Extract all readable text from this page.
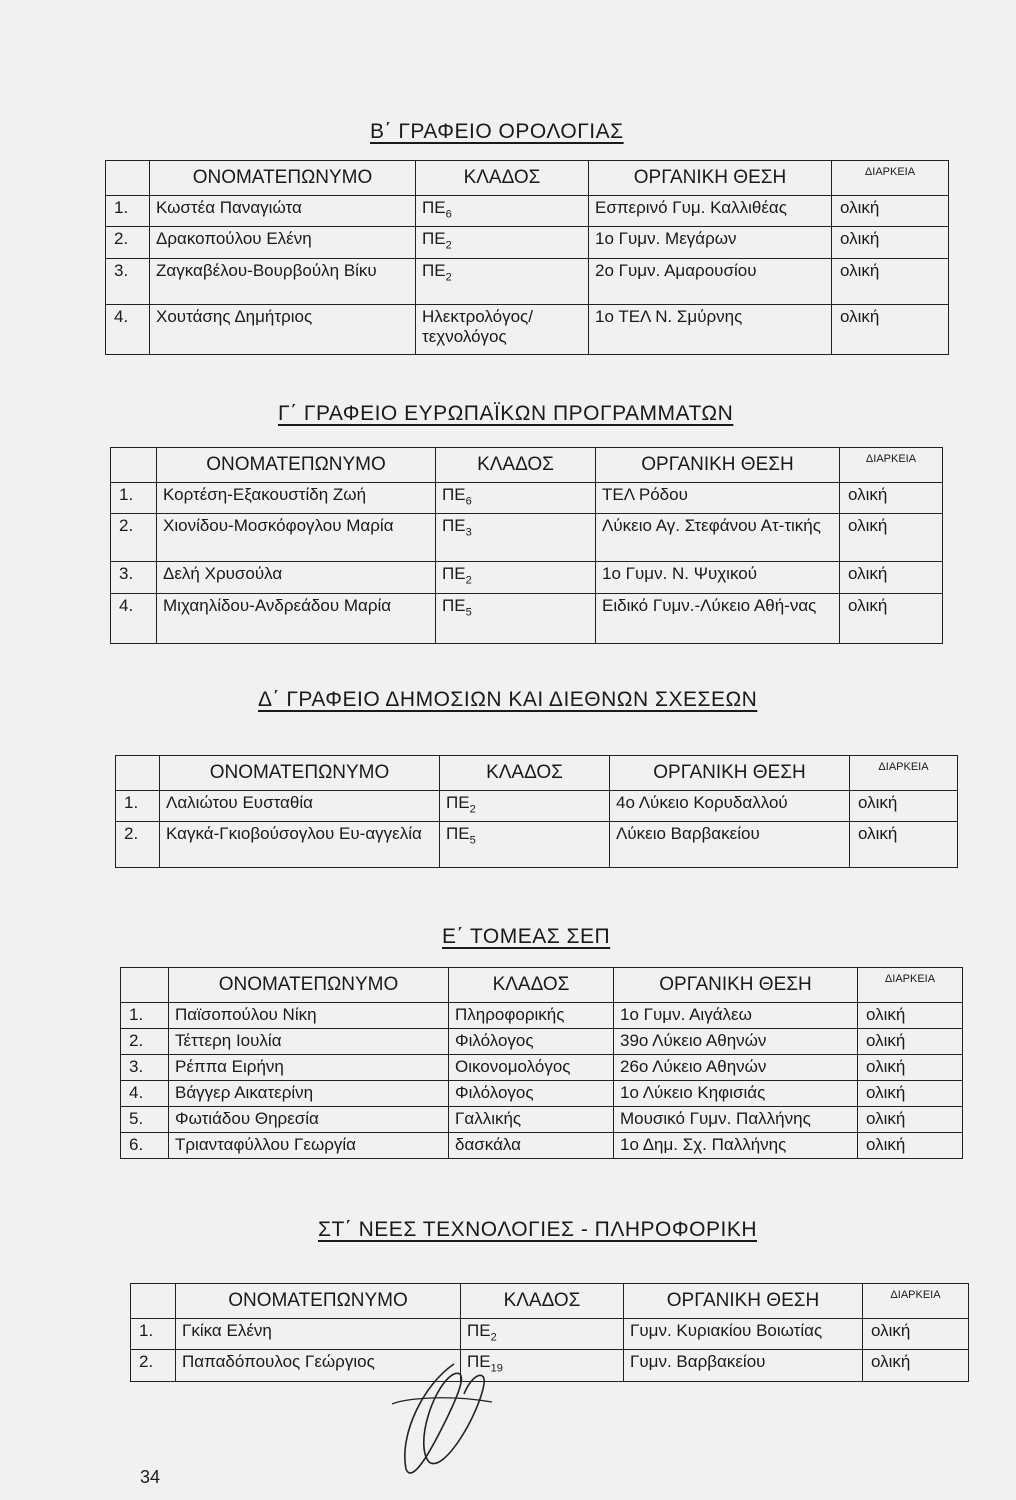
Β΄ ΓΡΑΦΕΙΟ ΟΡΟΛΟΓΙΑΣ
	ΟΝΟΜΑΤΕΠΩΝΥΜΟ	ΚΛΑΔΟΣ	ΟΡΓΑΝΙΚΗ ΘΕΣΗ	ΔΙΑΡΚΕΙΑ
1.	Κωστέα Παναγιώτα	$\Pi E_6$	Εσπερινό Γυμ. Καλλιθέας	ολική
2.	Δρακοπούλου Ελένη	$\Pi E_2$	1ο Γυμν. Μεγάρων	ολική
3.	Ζαγκαβέλου-Βουρβούλη Βίκυ	$\Pi E_2$	2ο Γυμν. Αμαρουσίου	ολική
4.	Χουτάσης Δημήτριος	Ηλεκτρολόγος/ τεχνολόγος	1ο ΤΕΛ Ν. Σμύρνης	ολική
Γ΄ ΓΡΑΦΕΙΟ ΕΥΡΩΠΑΪΚΩΝ ΠΡΟΓΡΑΜΜΑΤΩΝ
	ΟΝΟΜΑΤΕΠΩΝΥΜΟ	ΚΛΑΔΟΣ	ΟΡΓΑΝΙΚΗ ΘΕΣΗ	ΔΙΑΡΚΕΙΑ
1.	Κορτέση-Εξακουστίδη Ζωή	$\Pi E_6$	ΤΕΛ Ρόδου	ολική
2.	Χιονίδου-Μοσκόφογλου Μαρία	$\Pi E_3$	Λύκειο Αγ. Στεφάνου Ατ-τικής	ολική
3.	Δελή Χρυσούλα	$\Pi E_2$	1ο Γυμν. Ν. Ψυχικού	ολική
4.	Μιχαηλίδου-Ανδρεάδου Μαρία	$\Pi E_5$	Ειδικό Γυμν.-Λύκειο Αθή-νας	ολική
Δ΄ ΓΡΑΦΕΙΟ ΔΗΜΟΣΙΩΝ ΚΑΙ ΔΙΕΘΝΩΝ ΣΧΕΣΕΩΝ
	ΟΝΟΜΑΤΕΠΩΝΥΜΟ	ΚΛΑΔΟΣ	ΟΡΓΑΝΙΚΗ ΘΕΣΗ	ΔΙΑΡΚΕΙΑ
1.	Λαλιώτου Ευσταθία	$\Pi E_2$	4ο Λύκειο Κορυδαλλού	ολική
2.	Καγκά-Γκιοβούσογλου Ευ-αγγελία	$\Pi E_5$	Λύκειο Βαρβακείου	ολική
Ε΄ ΤΟΜΕΑΣ ΣΕΠ
	ΟΝΟΜΑΤΕΠΩΝΥΜΟ	ΚΛΑΔΟΣ	ΟΡΓΑΝΙΚΗ ΘΕΣΗ	ΔΙΑΡΚΕΙΑ
1.	Παϊσοπούλου Νίκη	Πληροφορικής	1ο Γυμν. Αιγάλεω	ολική
2.	Τέττερη Ιουλία	Φιλόλογος	39ο Λύκειο Αθηνών	ολική
3.	Ρέππα Ειρήνη	Οικονομολόγος	26ο Λύκειο Αθηνών	ολική
4.	Βάγγερ Αικατερίνη	Φιλόλογος	1ο Λύκειο Κηφισιάς	ολική
5.	Φωτιάδου Θηρεσία	Γαλλικής	Μουσικό Γυμν. Παλλήνης	ολική
6.	Τριανταφύλλου Γεωργία	δασκάλα	1ο Δημ. Σχ. Παλλήνης	ολική
ΣΤ΄ ΝΕΕΣ ΤΕΧΝΟΛΟΓΙΕΣ - ΠΛΗΡΟΦΟΡΙΚΗ
	ΟΝΟΜΑΤΕΠΩΝΥΜΟ	ΚΛΑΔΟΣ	ΟΡΓΑΝΙΚΗ ΘΕΣΗ	ΔΙΑΡΚΕΙΑ
1.	Γκίκα Ελένη	$\Pi E_2$	Γυμν. Κυριακίου Βοιωτίας	ολική
2.	Παπαδόπουλος Γεώργιος	$\Pi E_{19}$	Γυμν. Βαρβακείου	ολική
34
